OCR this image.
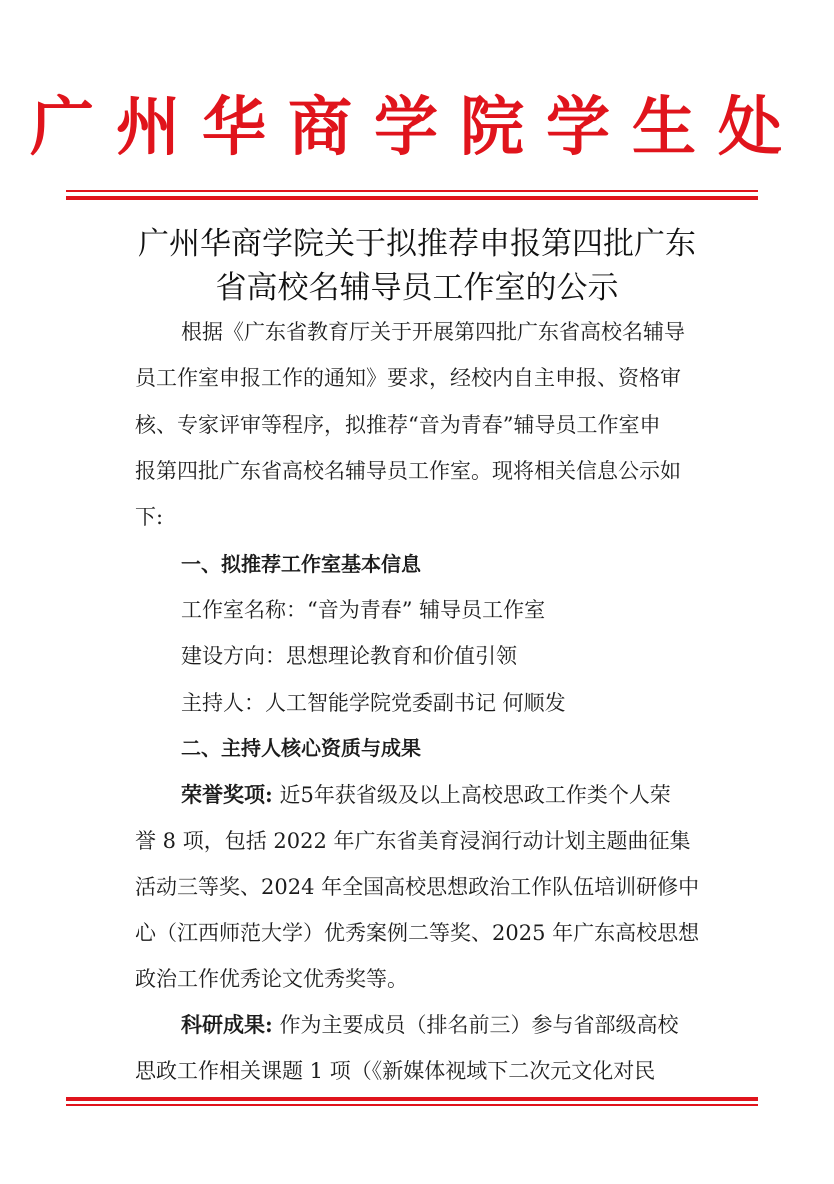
广州华商学院学生处
广州华商学院关于拟推荐申报第四批广东
省高校名辅导员工作室的公示
根据《广东省教育厅关于开展第四批广东省高校名辅导
员工作室申报工作的通知》要求，经校内自主申报、资格审
核、专家评审等程序，拟推荐“音为青春”辅导员工作室申
报第四批广东省高校名辅导员工作室。现将相关信息公示如
下:
一、拟推荐工作室基本信息
工作室名称：“音为青春” 辅导员工作室
建设方向：思想理论教育和价值引领
主持人：人工智能学院党委副书记 何顺发
二、主持人核心资质与成果
荣誉奖项: 近5年获省级及以上高校思政工作类个人荣
誉 8 项，包括 2022 年广东省美育浸润行动计划主题曲征集
活动三等奖、2024 年全国高校思想政治工作队伍培训研修中
心（江西师范大学）优秀案例二等奖、2025 年广东高校思想
政治工作优秀论文优秀奖等。
科研成果: 作为主要成员（排名前三）参与省部级高校
思政工作相关课题 1 项（《新媒体视域下二次元文化对民
